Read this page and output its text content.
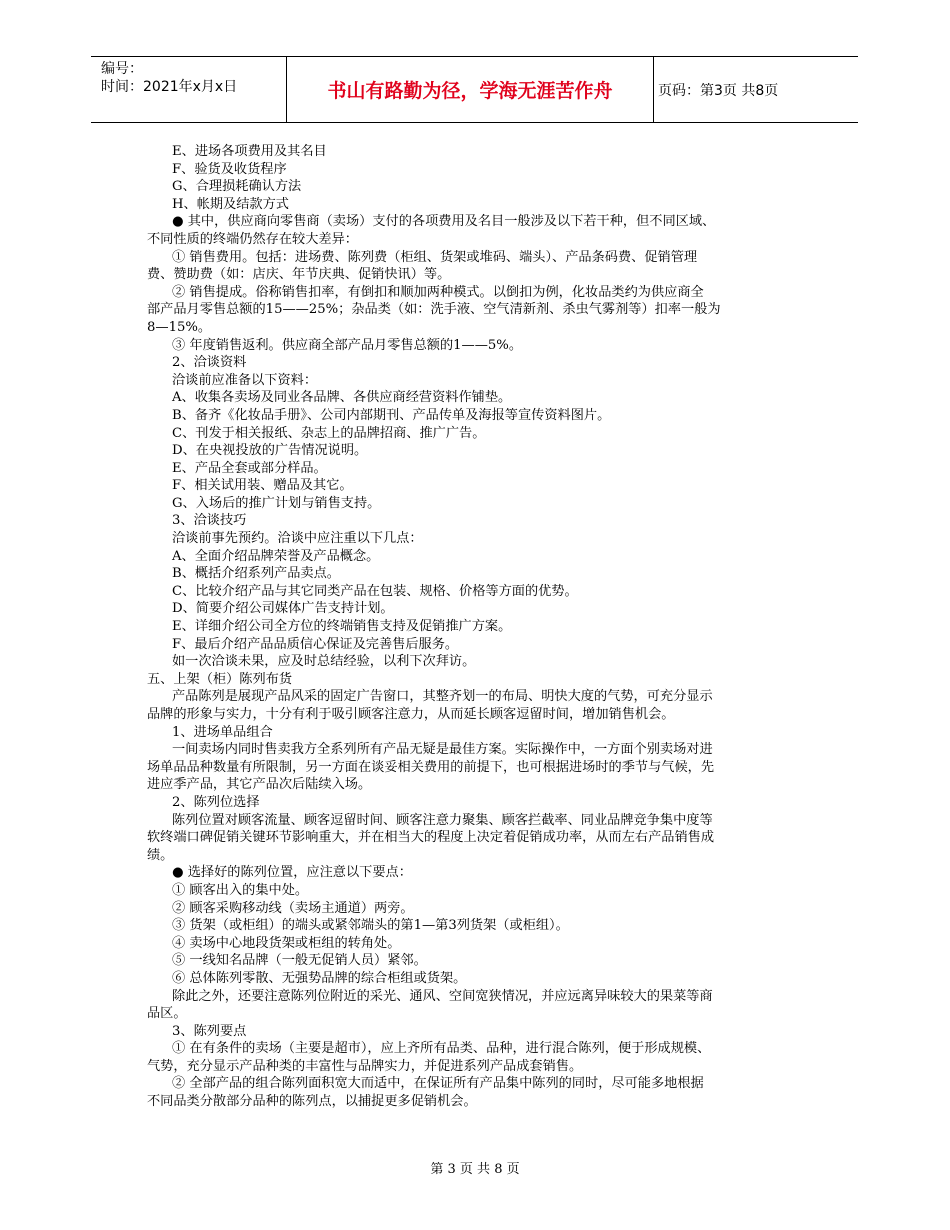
编号：
时间：2021年x月x日	书山有路勤为径，学海无涯苦作舟	页码：第3页 共8页
E、进场各项费用及其名目
F、验货及收货程序
G、合理损耗确认方法
H、帐期及结款方式
● 其中，供应商向零售商（卖场）支付的各项费用及名目一般涉及以下若干种，但不同区域、
不同性质的终端仍然存在较大差异：
① 销售费用。包括：进场费、陈列费（柜组、货架或堆码、端头）、产品条码费、促销管理
费、赞助费（如：店庆、年节庆典、促销快讯）等。
② 销售提成。俗称销售扣率，有倒扣和顺加两种模式。以倒扣为例，化妆品类约为供应商全
部产品月零售总额的15——25%；杂品类（如：洗手液、空气清新剂、杀虫气雾剂等）扣率一般为
8—15%。
③ 年度销售返利。供应商全部产品月零售总额的1——5%。
2、洽谈资料
洽谈前应准备以下资料：
A、收集各卖场及同业各品牌、各供应商经营资料作铺垫。
B、备齐《化妆品手册》、公司内部期刊、产品传单及海报等宣传资料图片。
C、刊发于相关报纸、杂志上的品牌招商、推广广告。
D、在央视投放的广告情况说明。
E、产品全套或部分样品。
F、相关试用装、赠品及其它。
G、入场后的推广计划与销售支持。
3、洽谈技巧
洽谈前事先预约。洽谈中应注重以下几点：
A、全面介绍品牌荣誉及产品概念。
B、概括介绍系列产品卖点。
C、比较介绍产品与其它同类产品在包装、规格、价格等方面的优势。
D、简要介绍公司媒体广告支持计划。
E、详细介绍公司全方位的终端销售支持及促销推广方案。
F、最后介绍产品品质信心保证及完善售后服务。
如一次洽谈未果，应及时总结经验，以利下次拜访。
五、上架（柜）陈列布货
产品陈列是展现产品风采的固定广告窗口，其整齐划一的布局、明快大度的气势，可充分显示
品牌的形象与实力，十分有利于吸引顾客注意力，从而延长顾客逗留时间，增加销售机会。
1、进场单品组合
一间卖场内同时售卖我方全系列所有产品无疑是最佳方案。实际操作中，一方面个别卖场对进
场单品品种数量有所限制，另一方面在谈妥相关费用的前提下，也可根据进场时的季节与气候，先
进应季产品，其它产品次后陆续入场。
2、陈列位选择
陈列位置对顾客流量、顾客逗留时间、顾客注意力聚集、顾客拦截率、同业品牌竞争集中度等
软终端口碑促销关键环节影响重大，并在相当大的程度上决定着促销成功率，从而左右产品销售成
绩。
● 选择好的陈列位置，应注意以下要点：
① 顾客出入的集中处。
② 顾客采购移动线（卖场主通道）两旁。
③ 货架（或柜组）的端头或紧邻端头的第1—第3列货架（或柜组）。
④ 卖场中心地段货架或柜组的转角处。
⑤ 一线知名品牌（一般无促销人员）紧邻。
⑥ 总体陈列零散、无强势品牌的综合柜组或货架。
除此之外，还要注意陈列位附近的采光、通风、空间宽狭情况，并应远离异味较大的果菜等商
品区。
3、陈列要点
① 在有条件的卖场（主要是超市），应上齐所有品类、品种，进行混合陈列，便于形成规模、
气势，充分显示产品种类的丰富性与品牌实力，并促进系列产品成套销售。
② 全部产品的组合陈列面积宽大而适中，在保证所有产品集中陈列的同时，尽可能多地根据
不同品类分散部分品种的陈列点，以捕捉更多促销机会。
第 3 页 共 8 页
